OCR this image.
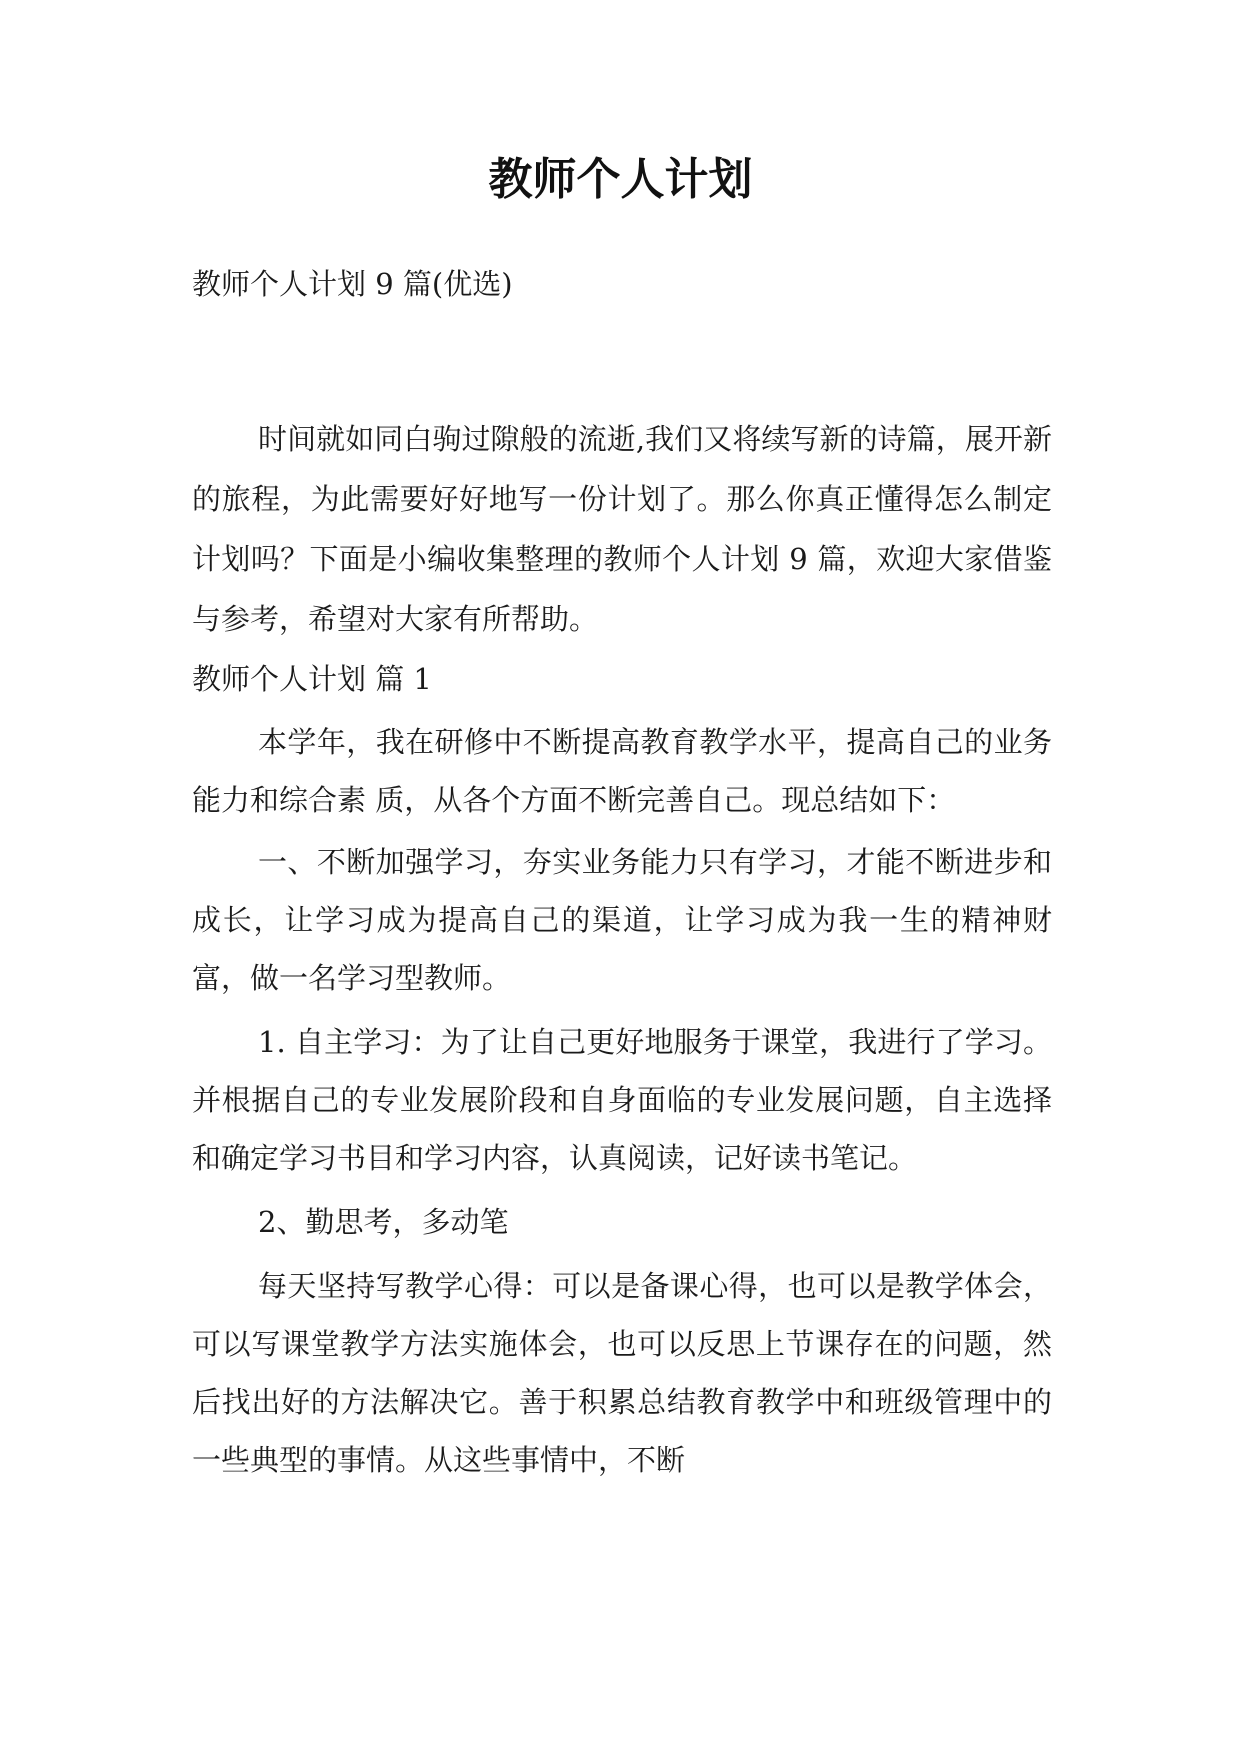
教师个人计划
教师个人计划 9 篇(优选)

时间就如同白驹过隙般的流逝,我们又将续写新的诗篇，展开新的旅程，为此需要好好地写一份计划了。那么你真正懂得怎么制定计划吗？下面是小编收集整理的教师个人计划 9 篇，欢迎大家借鉴与参考，希望对大家有所帮助。

教师个人计划 篇 1

本学年，我在研修中不断提高教育教学水平，提高自己的业务能力和综合素 质，从各个方面不断完善自己。现总结如下：

一、不断加强学习，夯实业务能力只有学习，才能不断进步和成长，让学习成为提高自己的渠道，让学习成为我一生的精神财富，做一名学习型教师。

1. 自主学习：为了让自己更好地服务于课堂，我进行了学习。并根据自己的专业发展阶段和自身面临的专业发展问题，自主选择和确定学习书目和学习内容，认真阅读，记好读书笔记。

2、勤思考，多动笔

每天坚持写教学心得：可以是备课心得，也可以是教学体会，可以写课堂教学方法实施体会，也可以反思上节课存在的问题，然后找出好的方法解决它。善于积累总结教育教学中和班级管理中的一些典型的事情。从这些事情中，不断
